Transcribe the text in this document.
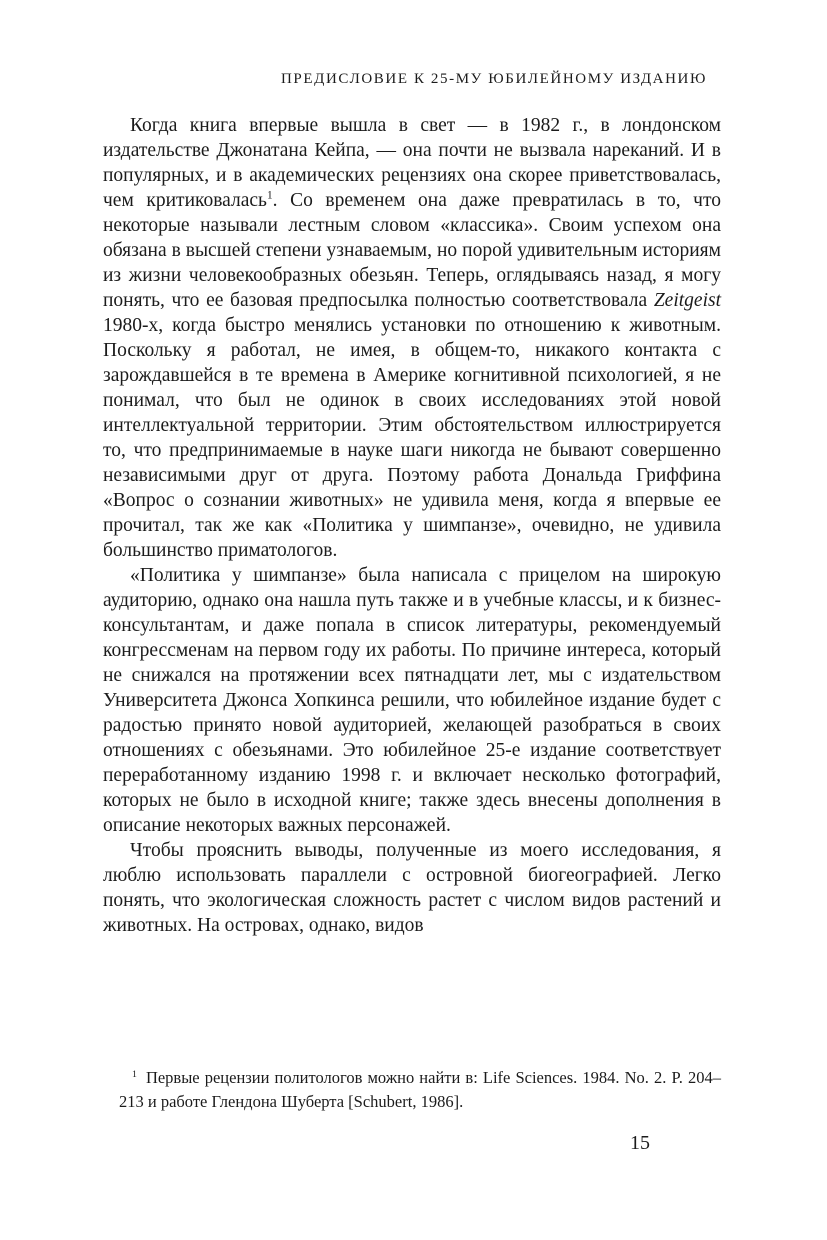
ПРЕДИСЛОВИЕ К 25-МУ ЮБИЛЕЙНОМУ ИЗДАНИЮ

Когда книга впервые вышла в свет — в 1982 г., в лондонском издательстве Джонатана Кейпа, — она почти не вызвала нареканий. И в популярных, и в академических рецензиях она скорее приветствовалась, чем критиковалась$^1$. Со временем она даже превратилась в то, что некоторые называли лестным словом «классика». Своим успехом она обязана в высшей степени узнаваемым, но порой удивительным историям из жизни человекообразных обезьян. Теперь, оглядываясь назад, я могу понять, что ее базовая предпосылка полностью соответствовала Zeitgeist 1980-х, когда быстро менялись установки по отношению к животным. Поскольку я работал, не имея, в общем-то, никакого контакта с зарождавшейся в те времена в Америке когнитивной психологией, я не понимал, что был не одинок в своих исследованиях этой новой интеллектуальной территории. Этим обстоятельством иллюстрируется то, что предпринимаемые в науке шаги никогда не бывают совершенно независимыми друг от друга. Поэтому работа Дональда Гриффина «Вопрос о сознании животных» не удивила меня, когда я впервые ее прочитал, так же как «Политика у шимпанзе», очевидно, не удивила большинство приматологов.

«Политика у шимпанзе» была написала с прицелом на широкую аудиторию, однако она нашла путь также и в учебные классы, и к бизнес-консультантам, и даже попала в список литературы, рекомендуемый конгрессменам на первом году их работы. По причине интереса, который не снижался на протяжении всех пятнадцати лет, мы с издательством Университета Джонса Хопкинса решили, что юбилейное издание будет с радостью принято новой аудиторией, желающей разобраться в своих отношениях с обезьянами. Это юбилейное 25-е издание соответствует переработанному изданию 1998 г. и включает несколько фотографий, которых не было в исходной книге; также здесь внесены дополнения в описание некоторых важных персонажей.

Чтобы прояснить выводы, полученные из моего исследования, я люблю использовать параллели с островной биогеографией. Легко понять, что экологическая сложность растет с числом видов растений и животных. На островах, однако, видов

$^1$ Первые рецензии политологов можно найти в: Life Sciences. 1984. No. 2. P. 204–213 и работе Глендона Шуберта [Schubert, 1986].
15
